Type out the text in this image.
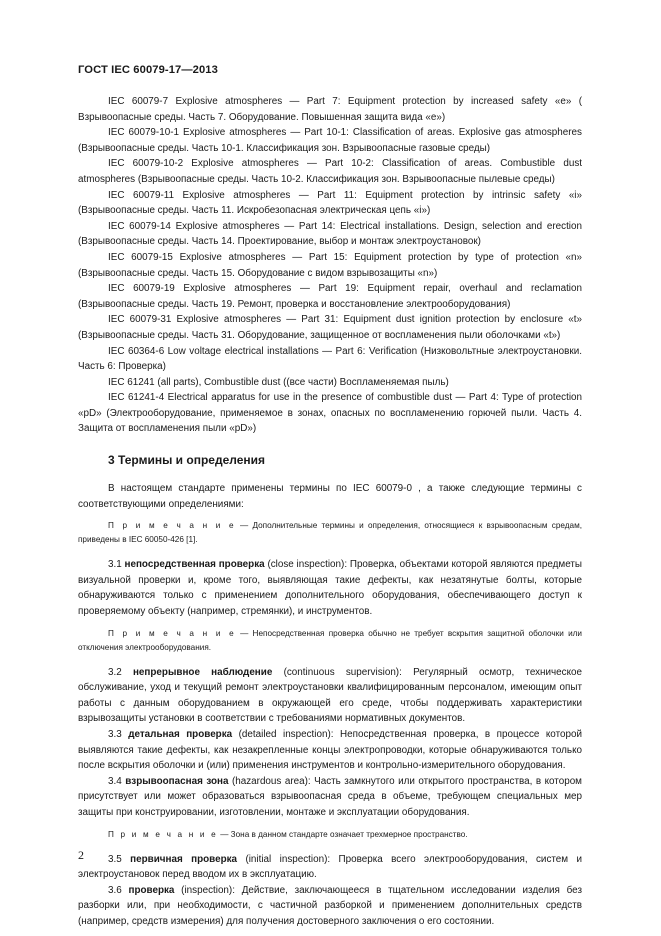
ГОСТ IEC 60079-17—2013

IEC 60079-7 Explosive atmospheres — Part 7: Equipment protection by increased safety «e» ( Взрывоопасные среды. Часть 7. Оборудование. Повышенная защита вида «е»)

IEC 60079-10-1 Explosive atmospheres — Part 10-1: Classification of areas. Explosive gas atmospheres (Взрывоопасные среды. Часть 10-1. Классификация зон. Взрывоопасные газовые среды)

IEC 60079-10-2 Explosive atmospheres — Part 10-2: Classification of areas. Combustible dust atmospheres (Взрывоопасные среды. Часть 10-2. Классификация зон. Взрывоопасные пылевые среды)

IEC 60079-11 Explosive atmospheres — Part 11: Equipment protection by intrinsic safety «i» (Взрывоопасные среды. Часть 11. Искробезопасная электрическая цепь «i»)

IEC 60079-14 Explosive atmospheres — Part 14: Electrical installations. Design, selection and erection (Взрывоопасные среды. Часть 14. Проектирование, выбор и монтаж электроустановок)

IEC 60079-15 Explosive atmospheres — Part 15: Equipment protection by type of protection «n» (Взрывоопасные среды. Часть 15. Оборудование с видом взрывозащиты «n»)

IEC 60079-19 Explosive atmospheres — Part 19: Equipment repair, overhaul and reclamation (Взрывоопасные среды. Часть 19. Ремонт, проверка и восстановление электрооборудования)

IEC 60079-31 Explosive atmospheres — Part 31: Equipment dust ignition protection by enclosure «t» (Взрывоопасные среды. Часть 31. Оборудование, защищенное от воспламенения пыли оболочками «t»)

IEC 60364-6 Low voltage electrical installations — Part 6: Verification (Низковольтные электроустановки. Часть 6: Проверка)

IEC 61241 (all parts), Combustible dust ((все части) Воспламеняемая пыль)

IEC 61241-4 Electrical apparatus for use in the presence of combustible dust — Part 4: Type of protection «pD» (Электрооборудование, применяемое в зонах, опасных по воспламенению горючей пыли. Часть 4. Защита от воспламенения пыли «pD»)

3 Термины и определения

В настоящем стандарте применены термины по IEC 60079-0 , а также следующие термины с соответствующими определениями:

П р и м е ч а н и е — Дополнительные термины и определения, относящиеся к взрывоопасным средам, приведены в IEC 60050-426 [1].

3.1 непосредственная проверка (close inspection): Проверка, объектами которой являются предметы визуальной проверки и, кроме того, выявляющая такие дефекты, как незатянутые болты, которые обнаруживаются только с применением дополнительного оборудования, обеспечивающего доступ к проверяемому объекту (например, стремянки), и инструментов.

П р и м е ч а н и е — Непосредственная проверка обычно не требует вскрытия защитной оболочки или отключения электрооборудования.

3.2 непрерывное наблюдение (continuous supervision): Регулярный осмотр, техническое обслуживание, уход и текущий ремонт электроустановки квалифицированным персоналом, имеющим опыт работы с данным оборудованием в окружающей его среде, чтобы поддерживать характеристики взрывозащиты установки в соответствии с требованиями нормативных документов.

3.3 детальная проверка (detailed inspection): Непосредственная проверка, в процессе которой выявляются такие дефекты, как незакрепленные концы электропроводки, которые обнаруживаются только после вскрытия оболочки и (или) применения инструментов и контрольно-измерительного оборудования.

3.4 взрывоопасная зона (hazardous area): Часть замкнутого или открытого пространства, в котором присутствует или может образоваться взрывоопасная среда в объеме, требующем специальных мер защиты при конструировании, изготовлении, монтаже и эксплуатации оборудования.

П р и м е ч а н и е — Зона в данном стандарте означает трехмерное пространство.

3.5 первичная проверка (initial inspection): Проверка всего электрооборудования, систем и электроустановок перед вводом их в эксплуатацию.

3.6 проверка (inspection): Действие, заключающееся в тщательном исследовании изделия без разборки или, при необходимости, с частичной разборкой и применением дополнительных средств (например, средств измерения) для получения достоверного заключения о его состоянии.

2
